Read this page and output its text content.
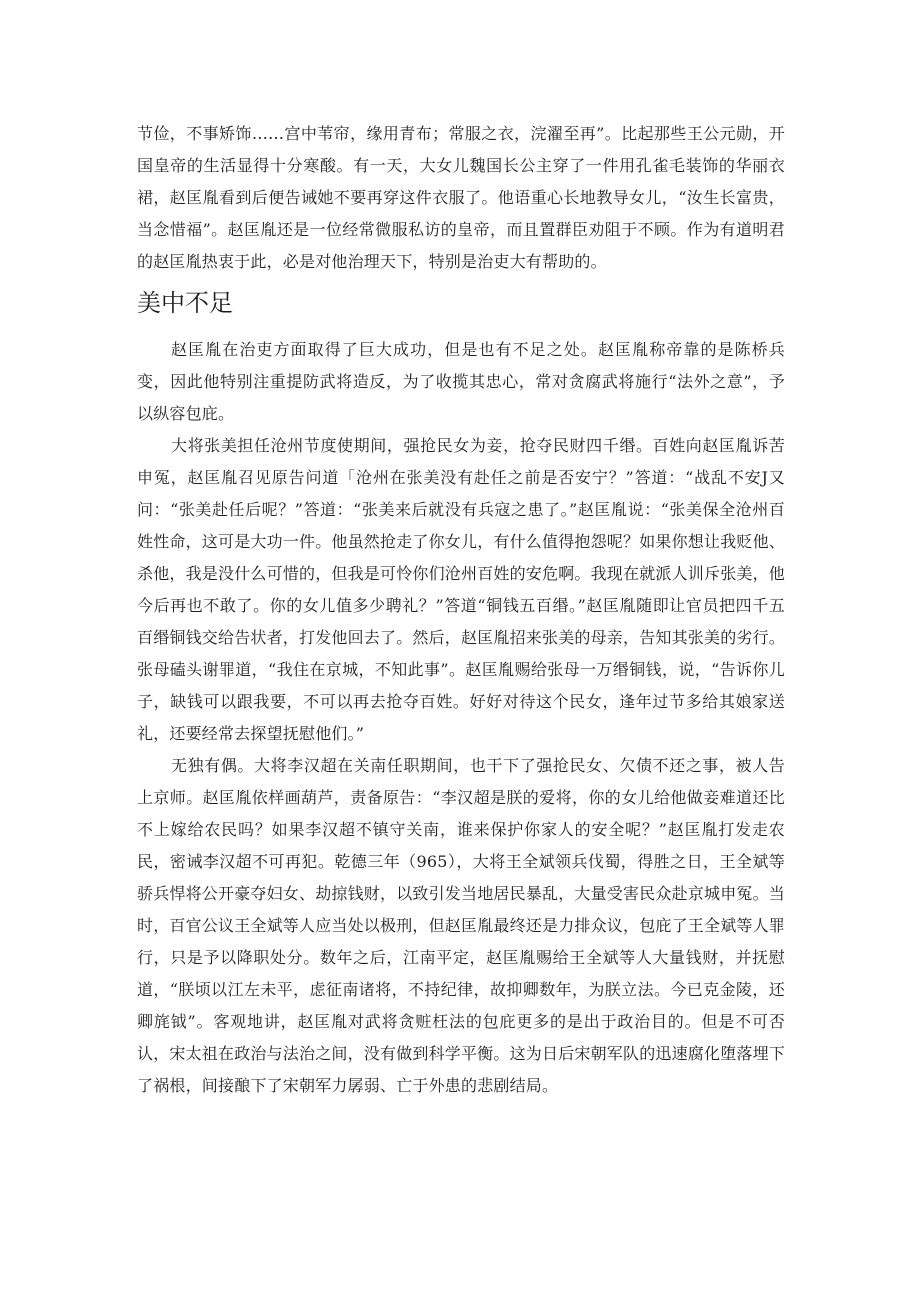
节俭，不事矫饰……宫中苇帘，缘用青布；常服之衣，浣濯至再”。比起那些王公元勋，开国皇帝的生活显得十分寒酸。有一天，大女儿魏国长公主穿了一件用孔雀毛装饰的华丽衣裙，赵匡胤看到后便告诫她不要再穿这件衣服了。他语重心长地教导女儿，“汝生长富贵，当念惜福”。赵匡胤还是一位经常微服私访的皇帝，而且置群臣劝阻于不顾。作为有道明君的赵匡胤热衷于此，必是对他治理天下，特别是治吏大有帮助的。

美中不足

赵匡胤在治吏方面取得了巨大成功，但是也有不足之处。赵匡胤称帝靠的是陈桥兵变，因此他特别注重提防武将造反，为了收揽其忠心，常对贪腐武将施行“法外之意”，予以纵容包庇。

大将张美担任沧州节度使期间，强抢民女为妾，抢夺民财四千缗。百姓向赵匡胤诉苦申冤，赵匡胤召见原告问道「沧州在张美没有赴任之前是否安宁？”答道：“战乱不安J又问：“张美赴任后呢？”答道：“张美来后就没有兵寇之患了。”赵匡胤说：“张美保全沧州百姓性命，这可是大功一件。他虽然抢走了你女儿，有什么值得抱怨呢？如果你想让我贬他、杀他，我是没什么可惜的，但我是可怜你们沧州百姓的安危啊。我现在就派人训斥张美，他今后再也不敢了。你的女儿值多少聘礼？”答道“铜钱五百缗。”赵匡胤随即让官员把四千五百缗铜钱交给告状者，打发他回去了。然后，赵匡胤招来张美的母亲，告知其张美的劣行。张母磕头谢罪道，“我住在京城，不知此事”。赵匡胤赐给张母一万缗铜钱，说，“告诉你儿子，缺钱可以跟我要，不可以再去抢夺百姓。好好对待这个民女，逢年过节多给其娘家送礼，还要经常去探望抚慰他们。”

无独有偶。大将李汉超在关南任职期间，也干下了强抢民女、欠债不还之事，被人告上京师。赵匡胤依样画葫芦，责备原告：“李汉超是朕的爱将，你的女儿给他做妾难道还比不上嫁给农民吗？如果李汉超不镇守关南，谁来保护你家人的安全呢？”赵匡胤打发走农民，密诫李汉超不可再犯。乾德三年（965），大将王全斌领兵伐蜀，得胜之日，王全斌等骄兵悍将公开豪夺妇女、劫掠钱财，以致引发当地居民暴乱，大量受害民众赴京城申冤。当时，百官公议王全斌等人应当处以极刑，但赵匡胤最终还是力排众议，包庇了王全斌等人罪行，只是予以降职处分。数年之后，江南平定，赵匡胤赐给王全斌等人大量钱财，并抚慰道，“朕顷以江左未平，虑征南诸将，不持纪律，故抑卿数年，为朕立法。今已克金陵，还卿旄钺”。客观地讲，赵匡胤对武将贪赃枉法的包庇更多的是出于政治目的。但是不可否认，宋太祖在政治与法治之间，没有做到科学平衡。这为日后宋朝军队的迅速腐化堕落埋下了祸根，间接酿下了宋朝军力孱弱、亡于外患的悲剧结局。
